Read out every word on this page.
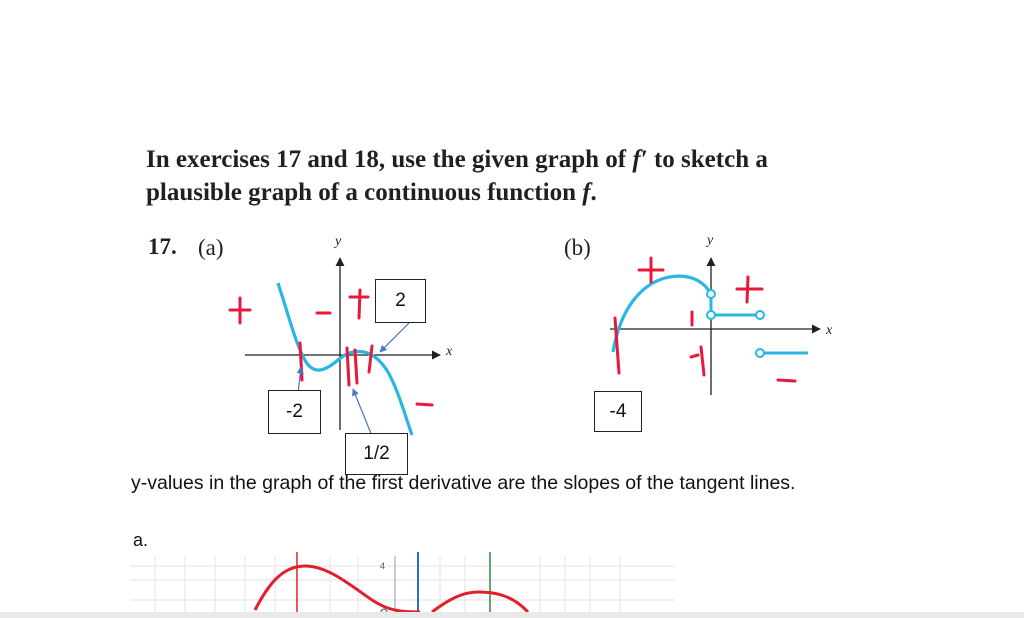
In exercises 17 and 18, use the given graph of f′ to sketch a
plausible graph of a continuous function f.
17. (a)	(b)
y
x
y
x
2
-2
1/2
-4
y-values in the graph of the first derivative are the slopes of the tangent lines.
a.
4
